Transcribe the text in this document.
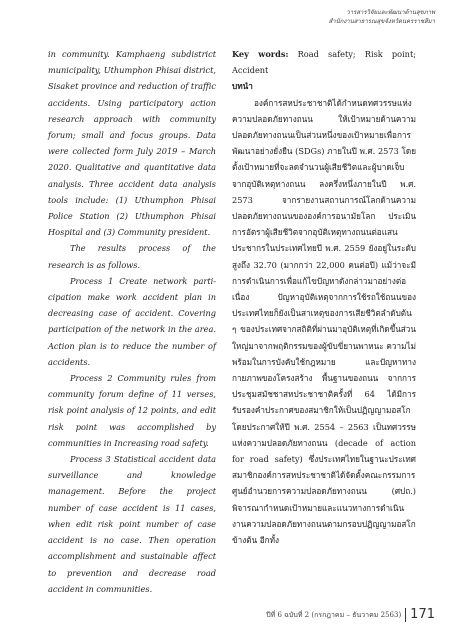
วารสารวิจัยและพัฒนาด้านสุขภาพ
สำนักงานสาธารณสุขจังหวัดนครราชสีมา

in community. Kamphaeng subdistrict municipality, Uthumphon Phisai district, Sisaket province and reduction of traffic accidents. Using participatory action research approach with community forum; small and focus groups. Data were collected form July 2019 – March 2020. Qualitative and quantitative data analysis. Three accident data analysis tools include: (1) Uthumphon Phisai Police Station (2) Uthumphon Phisai Hospital and (3) Community president.

The results process of the research is as follows.

Process 1 Create network parti-cipation make work accident plan in decreasing case of accident. Covering participation of the network in the area. Action plan is to reduce the number of accidents.

Process 2 Community rules from community forum define of 11 verses, risk point analysis of 12 points, and edit risk point was accomplished by communities in Increasing road safety.

Process 3 Statistical accident data surveillance and knowledge management. Before the project number of case accident is 11 cases, when edit risk point number of case accident is no case. Then operation accomplishment and sustainable affect to prevention and decrease road accident in communities.

Key words: Road safety; Risk point; Accident

บทนำ

องค์การสหประชาชาติได้กำหนดทศวรรษแห่งความปลอดภัยทางถนน ให้เป้าหมายด้านความปลอดภัยทางถนนเป็นส่วนหนึ่งของเป้าหมายเพื่อการพัฒนาอย่างยั่งยืน (SDGs) ภายในปี พ.ศ. 2573 โดยตั้งเป้าหมายที่จะลดจำนวนผู้เสียชีวิตและผู้บาดเจ็บจากอุบัติเหตุทางถนน ลงครึ่งหนึ่งภายในปี พ.ศ. 2573 จากรายงานสถานการณ์โลกด้านความปลอดภัยทางถนนขององค์การอนามัยโลก ประเมินการอัตราผู้เสียชีวิตจากอุบัติเหตุทางถนนต่อแสนประชากรในประเทศไทยปี พ.ศ. 2559 ยังอยู่ในระดับสูงถึง 32.70 (มากกว่า 22,000 คนต่อปี) แม้ว่าจะมีการดำเนินการเพื่อแก้ไขปัญหาดังกล่าวมาอย่างต่อเนื่อง ปัญหาอุบัติเหตุจากการใช้รถใช้ถนนของประเทศไทยก็ยังเป็นสาเหตุของการเสียชีวิตลำดับต้น ๆ ของประเทศจากสถิติที่ผ่านมาอุบัติเหตุที่เกิดขึ้นส่วนใหญ่มาจากพฤติกรรมของผู้ขับขี่ยานพาหนะ ความไม่พร้อมในการบังคับใช้กฎหมาย และปัญหาทางกายภาพของโครงสร้าง พื้นฐานของถนน จากการประชุมสมัชชาสหประชาชาติครั้งที่ 64 ได้มีการรับรองคำประกาศของสมาชิกให้เป็นปฏิญญามอสโก โดยประกาศให้ปี พ.ศ. 2554 – 2563 เป็นทศวรรษแห่งความปลอดภัยทางถนน (decade of action for road safety) ซึ่งประเทศไทยในฐานะประเทศสมาชิกองค์การสหประชาชาติได้จัดตั้งคณะกรรมการศูนย์อำนวยการความปลอดภัยทางถนน (ศปถ.) พิจารณากำหนดเป้าหมายและแนวทางการดำเนินงานความปลอดภัยทางถนนตามกรอบปฏิญญามอสโกข้างต้น อีกทั้ง

ปีที่ 6 ฉบับที่ 2 (กรกฎาคม – ธันวาคม 2563) 171
